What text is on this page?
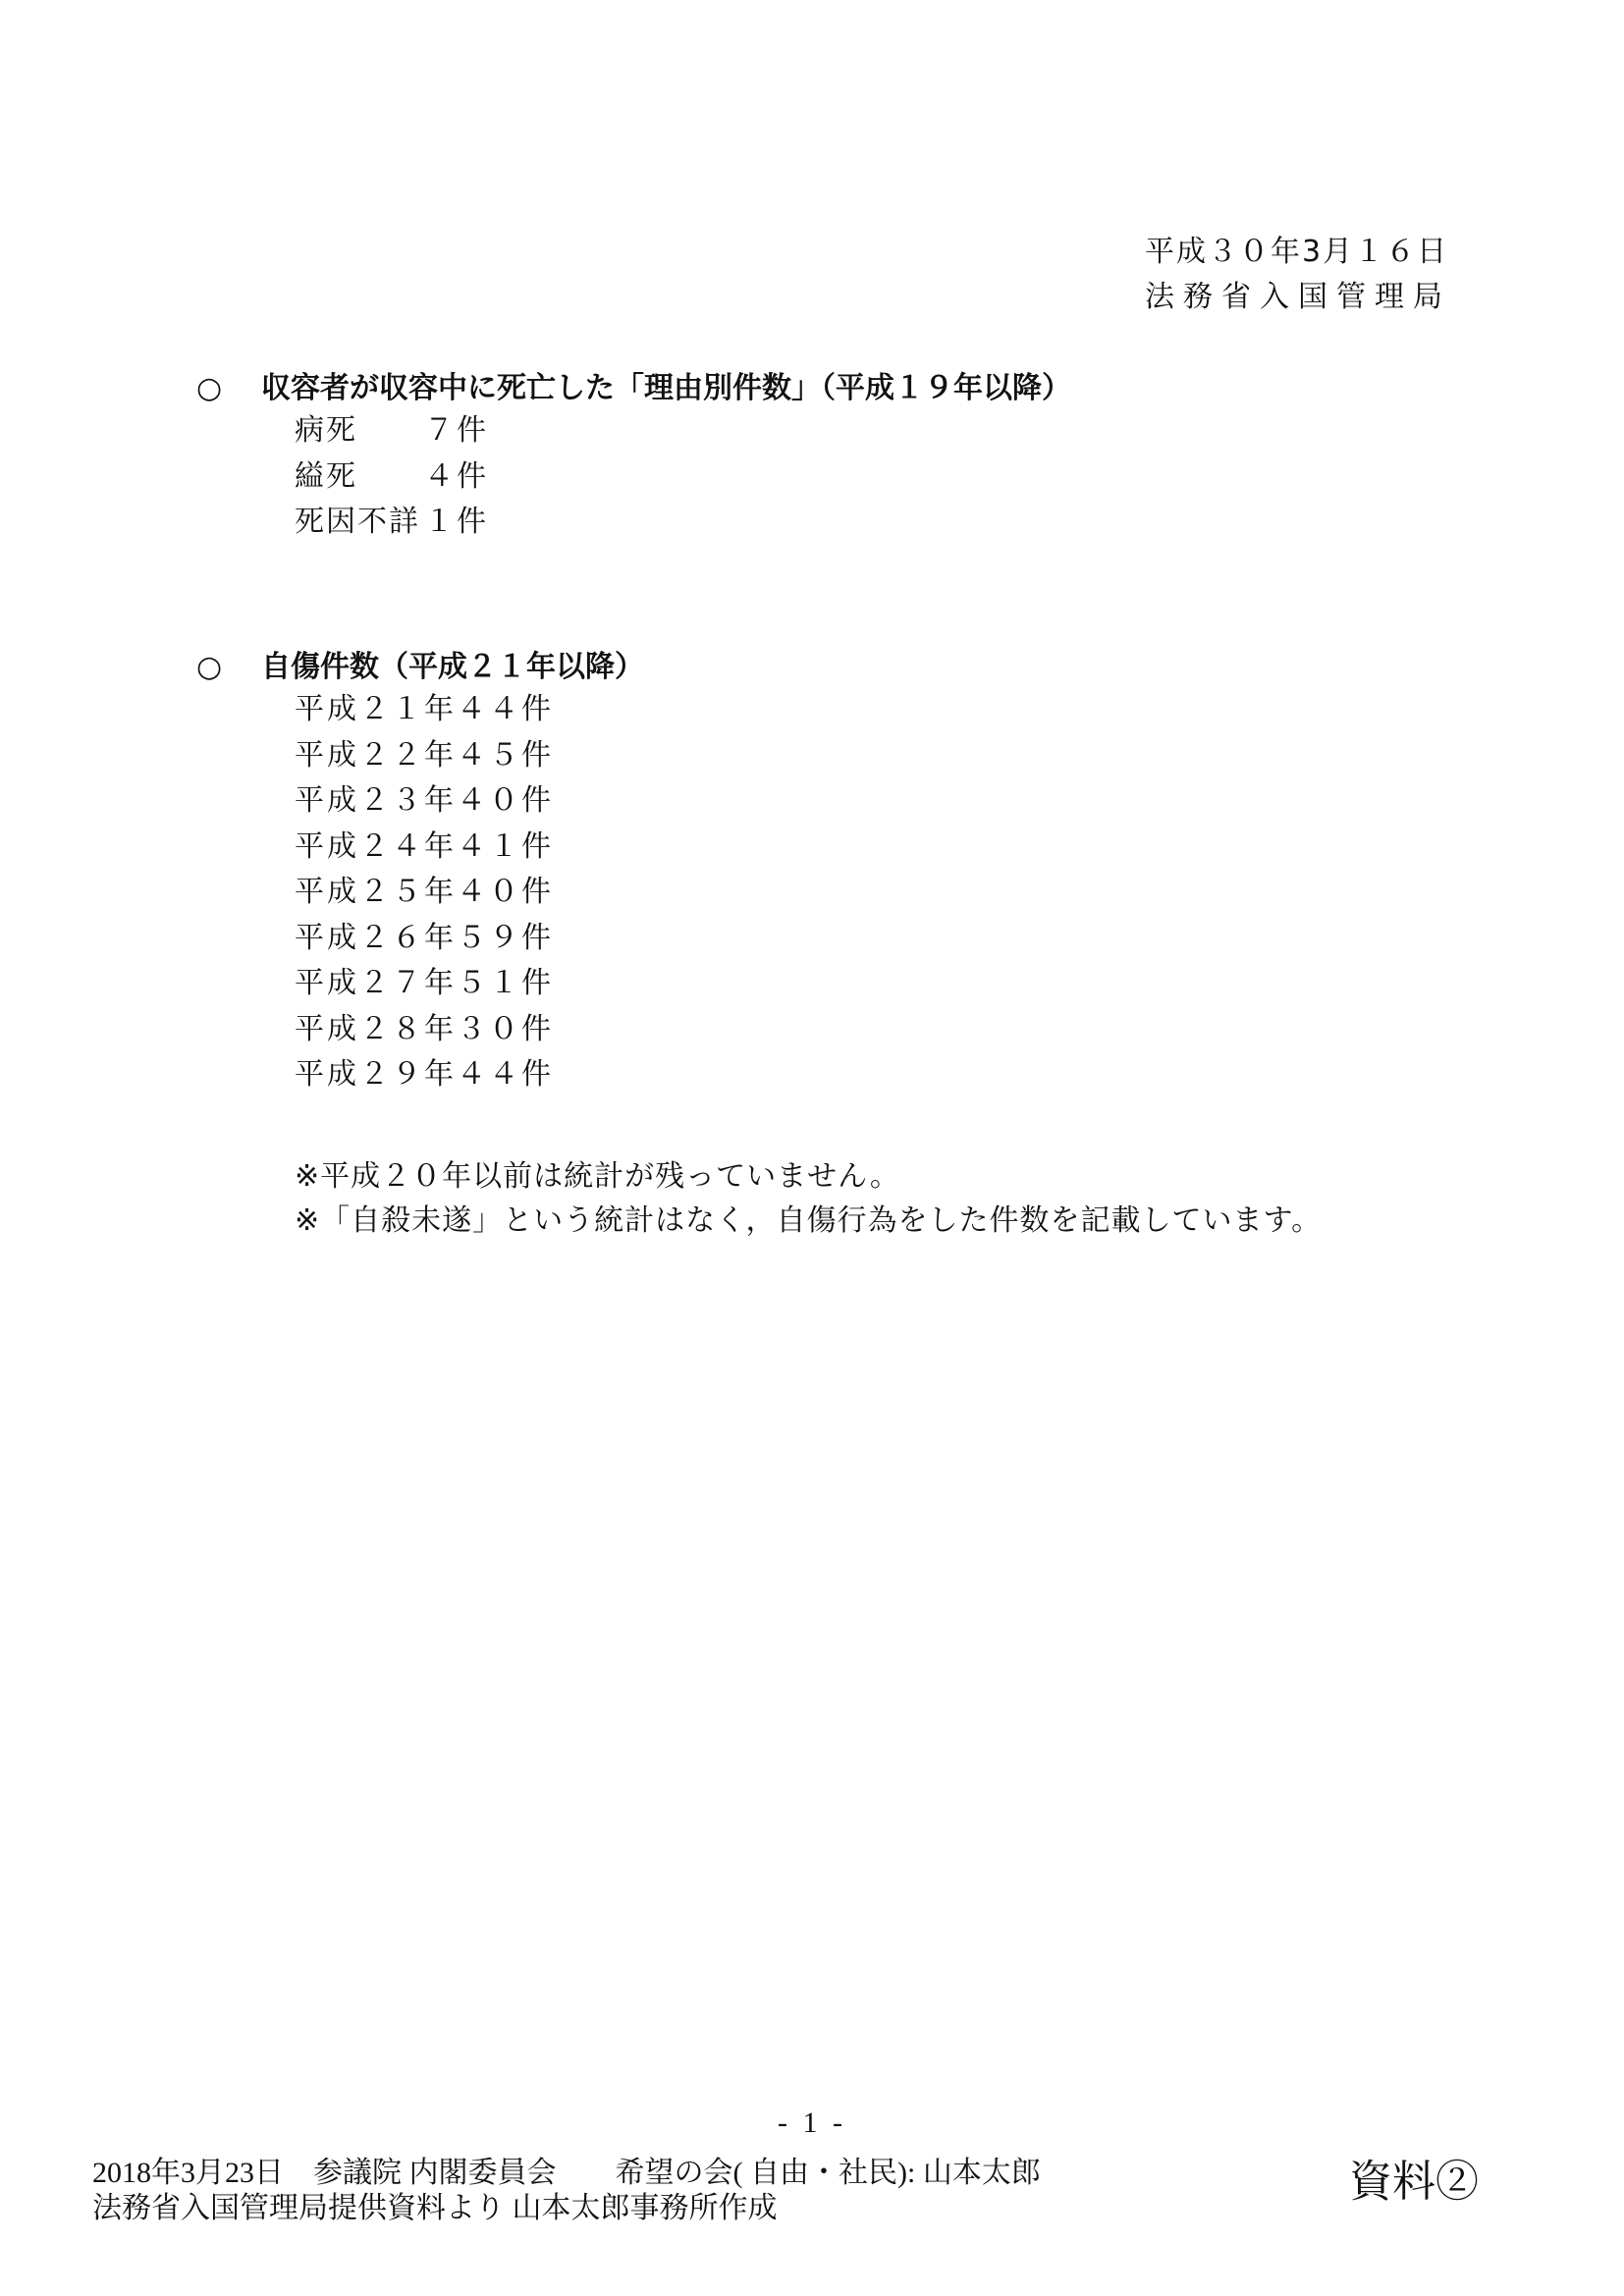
平成３０年3月１６日
法務省入国管理局
○ 収容者が収容中に死亡した「理由別件数」（平成１９年以降）
病死 ７件
縊死 ４件
死因不詳 １件
○ 自傷件数（平成２１年以降）
平成２１年４４件
平成２２年４５件
平成２３年４０件
平成２４年４１件
平成２５年４０件
平成２６年５９件
平成２７年５１件
平成２８年３０件
平成２９年４４件
※平成２０年以前は統計が残っていません。
※「自殺未遂」という統計はなく，自傷行為をした件数を記載しています。
- 1 -
2018年3月23日　参議院 内閣委員会　　希望の会( 自由・社民): 山本太郎
法務省入国管理局提供資料より 山本太郎事務所作成
資料②
